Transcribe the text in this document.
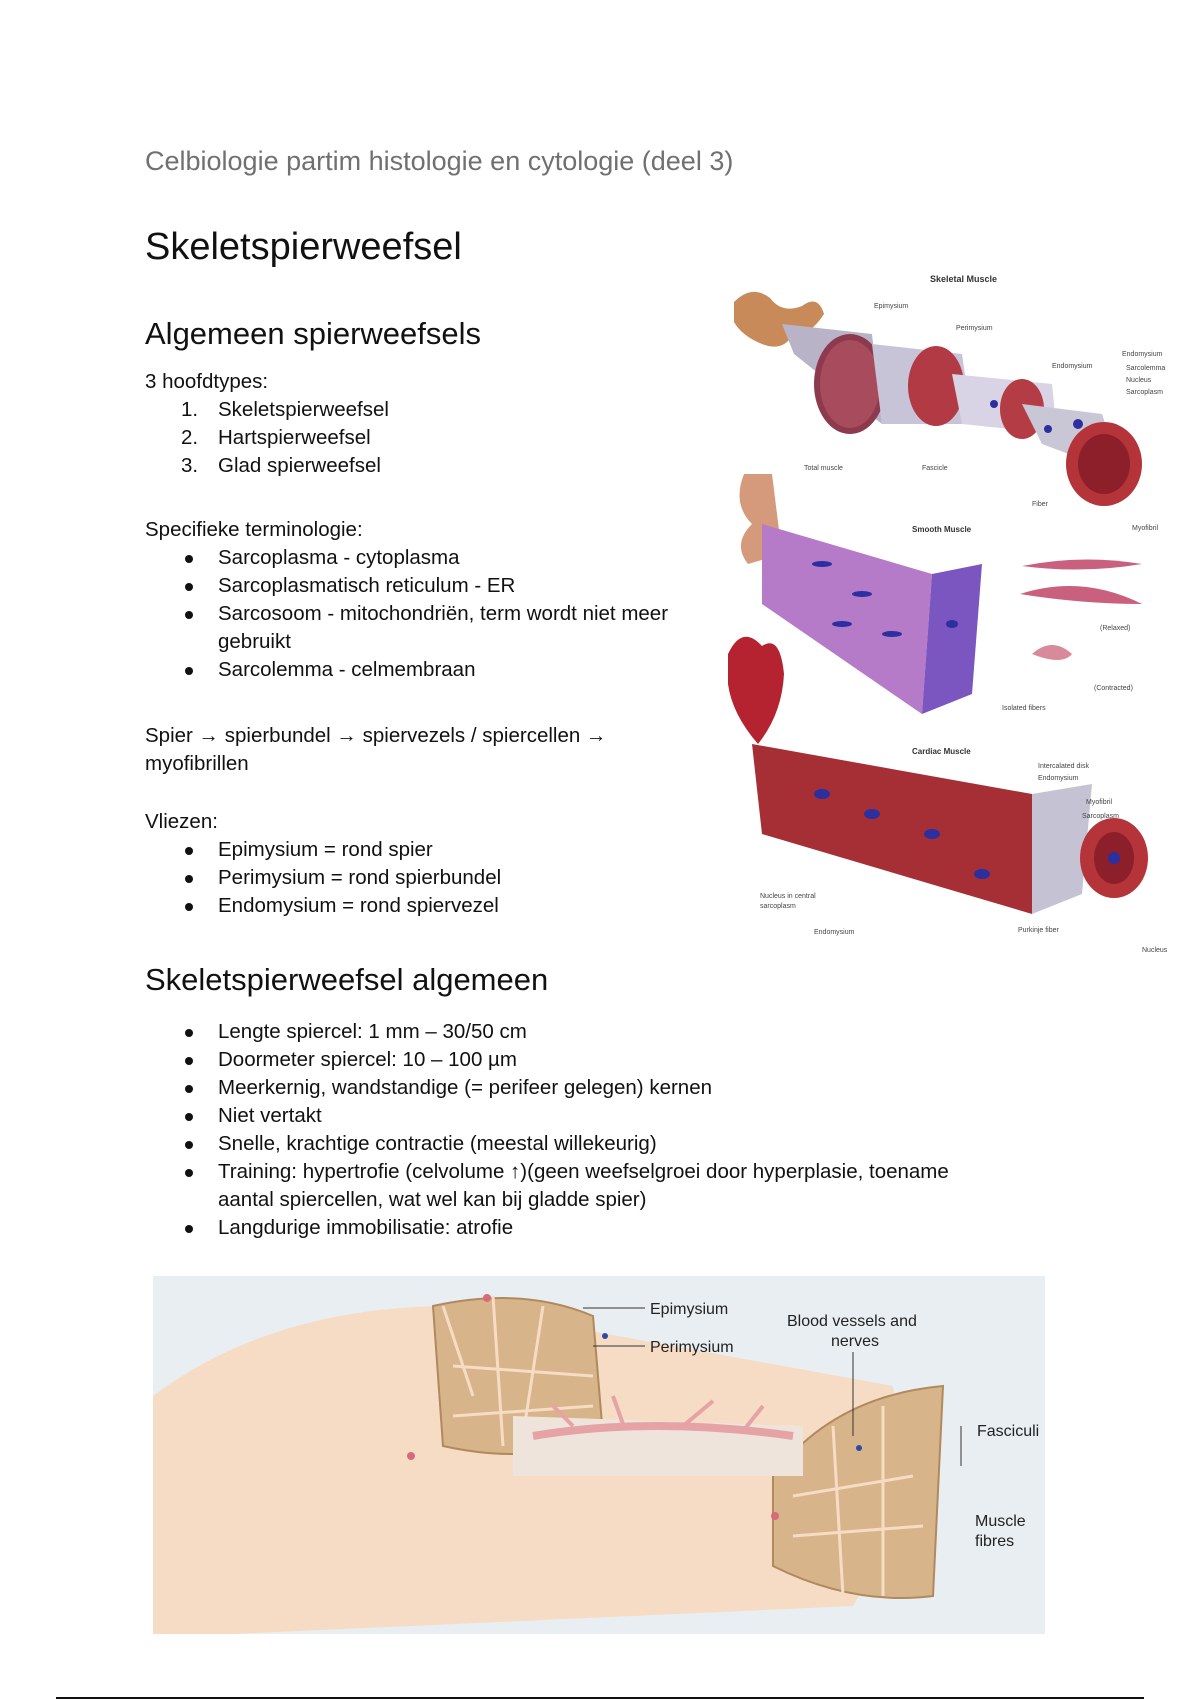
Celbiologie partim histologie en cytologie (deel 3)
Skeletspierweefsel
Algemeen spierweefsels

3 hoofdtypes:

1. Skeletspierweefsel
2. Hartspierweefsel
3. Glad spierweefsel

Specifieke terminologie:

Sarcoplasma - cytoplasma
Sarcoplasmatisch reticulum - ER
Sarcosoom - mitochondriën, term wordt niet meer
gebruikt
Sarcolemma - celmembraan

Spier → spierbundel → spiervezels / spiercellen →

myofibrillen

Vliezen:

Epimysium = rond spier
Perimysium = rond spierbundel
Endomysium = rond spiervezel
Skeletspierweefsel algemeen
Lengte spiercel: 1 mm – 30/50 cm
Doormeter spiercel: 10 – 100 µm
Meerkernig, wandstandige (= perifeer gelegen) kernen
Niet vertakt
Snelle, krachtige contractie (meestal willekeurig)
Training: hypertrofie (celvolume ↑)(geen weefselgroei door hyperplasie, toename
aantal spiercellen, wat wel kan bij gladde spier)
Langdurige immobilisatie: atrofie
Skeletal Muscle
Epimysium
Perimysium
Endomysium
Endomysium
Sarcolemma
Nucleus
Sarcoplasm
Total muscle	Fascicle
Fiber
Myofibril
Smooth Muscle
(Relaxed)
(Contracted)
Isolated fibers
Cardiac Muscle
Intercalated disk
Endomysium
Myofibril
Sarcoplasm
Nucleus in central
sarcoplasm
Endomysium	Purkinje fiber
Nucleus
Epimysium
Perimysium
Blood vessels and
nerves
Fasciculi
Muscle
fibres
